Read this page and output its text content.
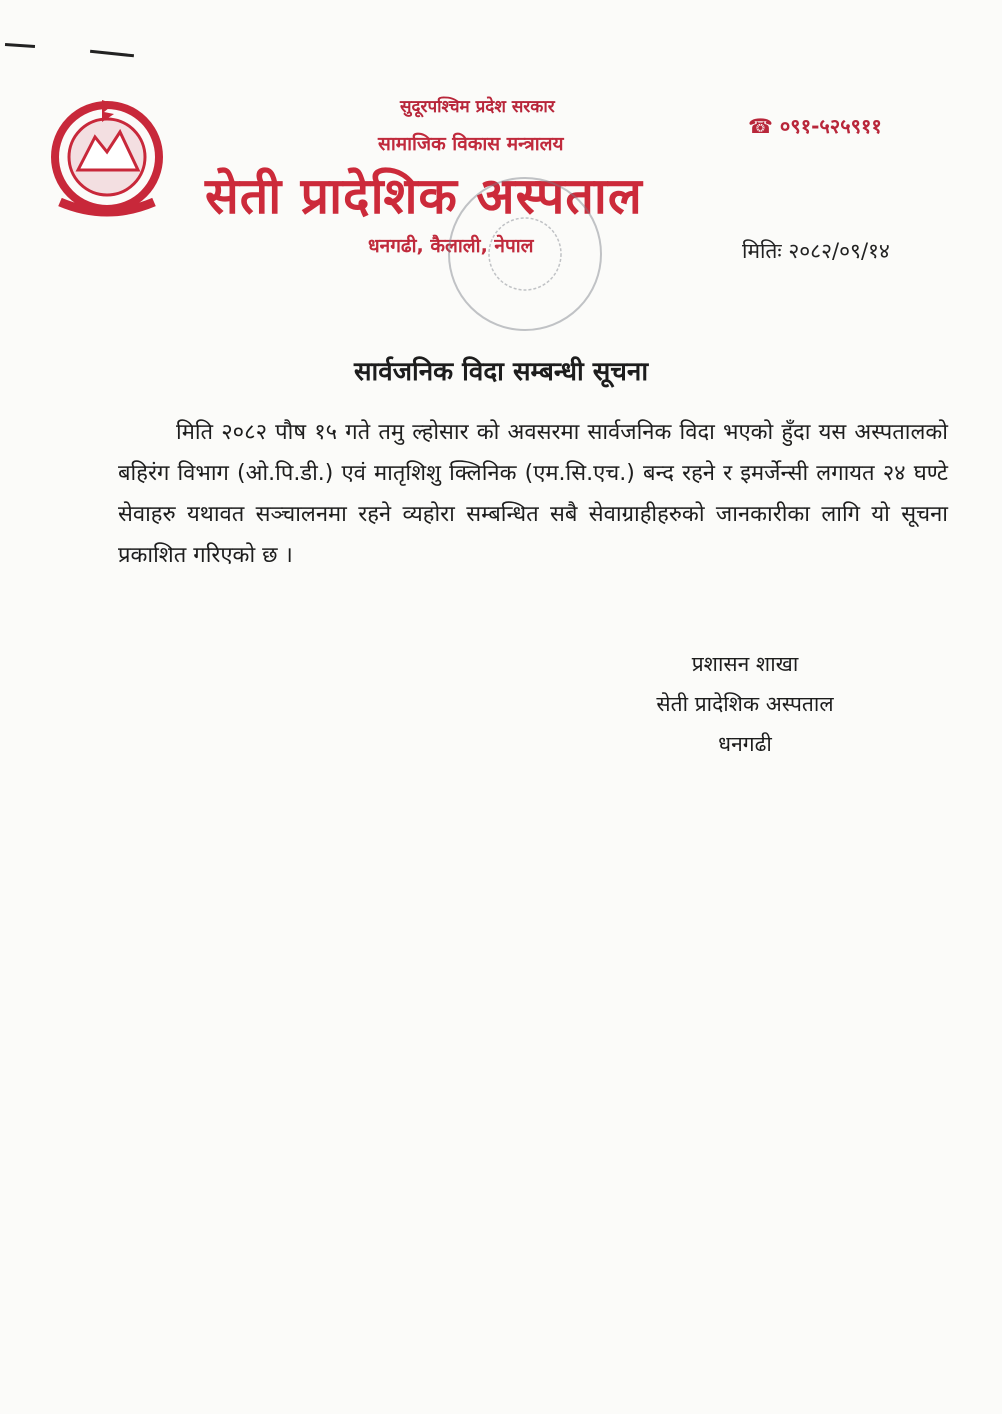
सुदूरपश्चिम प्रदेश सरकार
सामाजिक विकास मन्त्रालय
सेती प्रादेशिक अस्पताल
धनगढी, कैलाली, नेपाल
☎ ०९१-५२५९११
मितिः २०८२/०९/१४
सार्वजनिक विदा सम्बन्धी सूचना
मिति २०८२ पौष १५ गते तमु ल्होसार को अवसरमा सार्वजनिक विदा भएको हुँदा यस अस्पतालको बहिरंग विभाग (ओ.पि.डी.) एवं मातृशिशु क्लिनिक (एम.सि.एच.) बन्द रहने र इमर्जेन्सी लगायत २४ घण्टे सेवाहरु यथावत सञ्चालनमा रहने व्यहोरा सम्बन्धित सबै सेवाग्राहीहरुको जानकारीका लागि यो सूचना प्रकाशित गरिएको छ ।
प्रशासन शाखा
सेती प्रादेशिक अस्पताल
धनगढी
